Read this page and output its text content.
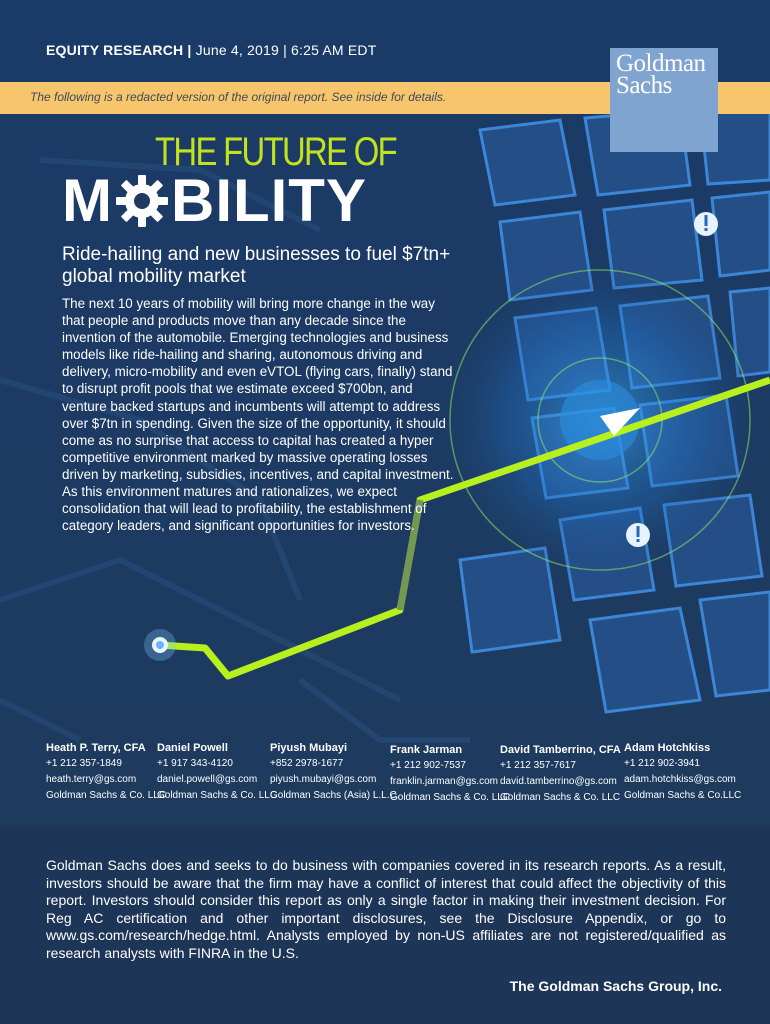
EQUITY RESEARCH | June 4, 2019 | 6:25 AM EDT
The following is a redacted version of the original report. See inside for details.
Goldman
Sachs
THE FUTURE OF
M BILITY
Ride-hailing and new businesses to fuel $7tn+ global mobility market
The next 10 years of mobility will bring more change in the way that people and products move than any decade since the invention of the automobile. Emerging technologies and business models like ride-hailing and sharing, autonomous driving and delivery, micro-mobility and even eVTOL (flying cars, finally) stand to disrupt profit pools that we estimate exceed $700bn, and venture backed startups and incumbents will attempt to address over $7tn in spending. Given the size of the opportunity, it should come as no surprise that access to capital has created a hyper competitive environment marked by massive operating losses driven by marketing, subsidies, incentives, and capital investment. As this environment matures and rationalizes, we expect consolidation that will lead to profitability, the establishment of category leaders, and significant opportunities for investors.
Heath P. Terry, CFA
+1 212 357-1849
heath.terry@gs.com
Goldman Sachs & Co. LLC
Daniel Powell
+1 917 343-4120
daniel.powell@gs.com
Goldman Sachs & Co. LLC
Piyush Mubayi
+852 2978-1677
piyush.mubayi@gs.com
Goldman Sachs (Asia) L.L.C.
Frank Jarman
+1 212 902-7537
franklin.jarman@gs.com
Goldman Sachs & Co. LLC
David Tamberrino, CFA
+1 212 357-7617
david.tamberrino@gs.com
Goldman Sachs & Co. LLC
Adam Hotchkiss
+1 212 902-3941
adam.hotchkiss@gs.com
Goldman Sachs & Co.LLC
Goldman Sachs does and seeks to do business with companies covered in its research reports. As a result, investors should be aware that the firm may have a conflict of interest that could affect the objectivity of this report. Investors should consider this report as only a single factor in making their investment decision. For Reg AC certification and other important disclosures, see the Disclosure Appendix, or go to www.gs.com/research/hedge.html. Analysts employed by non-US affiliates are not registered/qualified as research analysts with FINRA in the U.S.
The Goldman Sachs Group, Inc.
